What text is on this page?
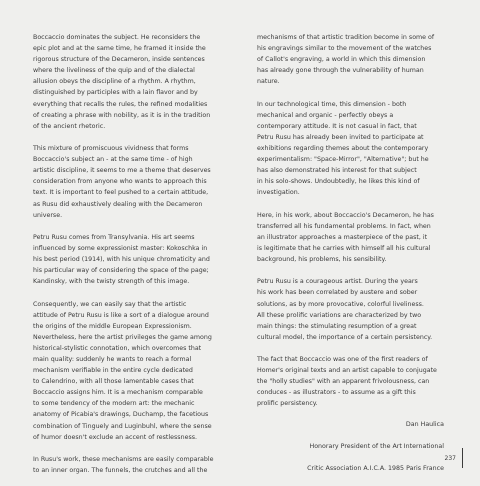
Boccaccio dominates the subject. He reconsiders the
epic plot and at the same time, he framed it inside the
rigorous structure of the Decameron, inside sentences
where the liveliness of the quip and of the dialectal
allusion obeys the discipline of a rhythm. A rhythm,
distinguished by participles with a lain flavor and by
everything that recalls the rules, the refined modalities
of creating a phrase with nobility, as it is in the tradition
of the ancient rhetoric.

This mixture of promiscuous vividness that forms
Boccaccio's subject an - at the same time - of high
artistic discipline, it seems to me a theme that deserves
consideration from anyone who wants to approach this
text. It is important to feel pushed to a certain attitude,
as Rusu did exhaustively dealing with the Decameron
universe.

Petru Rusu comes from Transylvania. His art seems
influenced by some expressionist master: Kokoschka in
his best period (1914), with his unique chromaticity and
his particular way of considering the space of the page;
Kandinsky, with the twisty strength of this image.

Consequently, we can easily say that the artistic
attitude of Petru Rusu is like a sort of a dialogue around
the origins of the middle European Expressionism.
Nevertheless, here the artist privileges the game among
historical-stylistic connotation, which overcomes that
main quality: suddenly he wants to reach a formal
mechanism verifiable in the entire cycle dedicated
to Calendrino, with all those lamentable cases that
Boccaccio assigns him. It is a mechanism comparable
to some tendency of the modern art: the mechanic
anatomy of Picabia's drawings, Duchamp, the facetious
combination of Tinguely and Luginbuhl, where the sense
of humor doesn't exclude an accent of restlessness.

In Rusu's work, these mechanisms are easily comparable
to an inner organ. The funnels, the crutches and all the

mechanisms of that artistic tradition become in some of
his engravings similar to the movement of the watches
of Callot's engraving, a world in which this dimension
has already gone through the vulnerability of human
nature.

In our technological time, this dimension - both
mechanical and organic - perfectly obeys a
contemporary attitude. It is not casual in fact, that
Petru Rusu has already been invited to participate at
exhibitions regarding themes about the contemporary
experimentalism: "Space-Mirror", "Alternative"; but he
has also demonstrated his interest for that subject
in his solo-shows. Undoubtedly, he likes this kind of
investigation.

Here, in his work, about Boccaccio's Decameron, he has
transferred all his fundamental problems. In fact, when
an illustrator approaches a masterpiece of the past, it
is legitimate that he carries with himself all his cultural
background, his problems, his sensibility.

Petru Rusu is a courageous artist. During the years
his work has been correlated by austere and sober
solutions, as by more provocative, colorful liveliness.
All these prolific variations are characterized by two
main things: the stimulating resumption of a great
cultural model, the importance of a certain persistency.

The fact that Boccaccio was one of the first readers of
Homer's original texts and an artist capable to conjugate
the "holly studies" with an apparent frivolousness, can
conduces - as illustrators - to assume as a gift this
prolific persistency.

Dan Haulica

Honorary President of the Art International

Critic Association A.I.C.A. 1985 Paris France

237
